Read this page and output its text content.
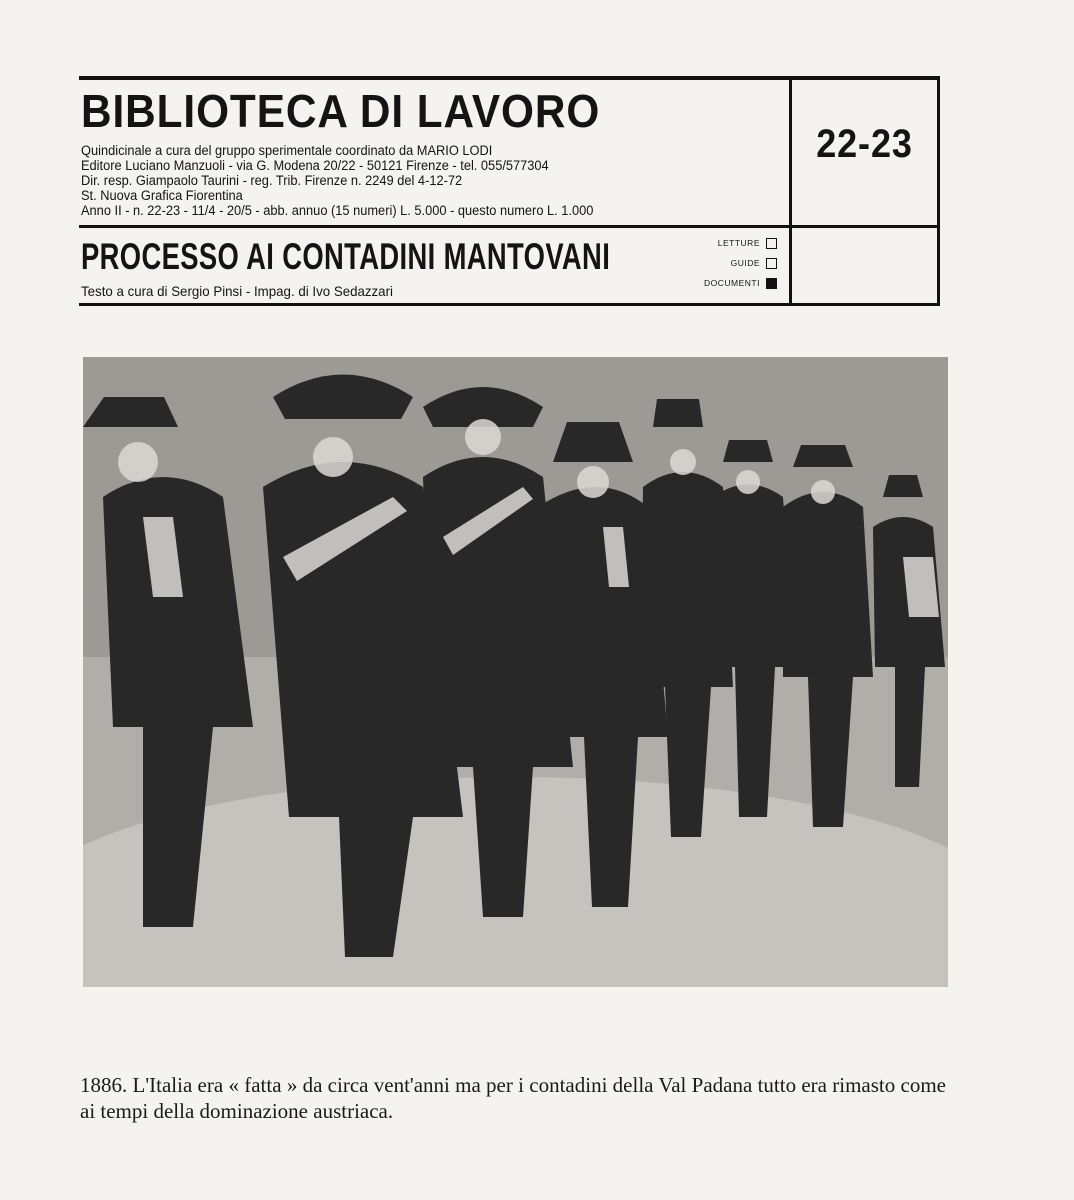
BIBLIOTECA DI LAVORO
Quindicinale a cura del gruppo sperimentale coordinato da MARIO LODI
Editore Luciano Manzuoli - via G. Modena 20/22 - 50121 Firenze - tel. 055/577304
Dir. resp. Giampaolo Taurini - reg. Trib. Firenze n. 2249 del 4-12-72
St. Nuova Grafica Fiorentina
Anno II - n. 22-23 - 11/4 - 20/5 - abb. annuo (15 numeri) L. 5.000 - questo numero L. 1.000
22-23
PROCESSO AI CONTADINI MANTOVANI
Testo a cura di Sergio Pinsi - Impag. di Ivo Sedazzari
LETTURE
GUIDE
DOCUMENTI

1886. L'Italia era « fatta » da circa vent'anni ma per i contadini della Val Padana tutto era rimasto come ai tempi della dominazione austriaca.
